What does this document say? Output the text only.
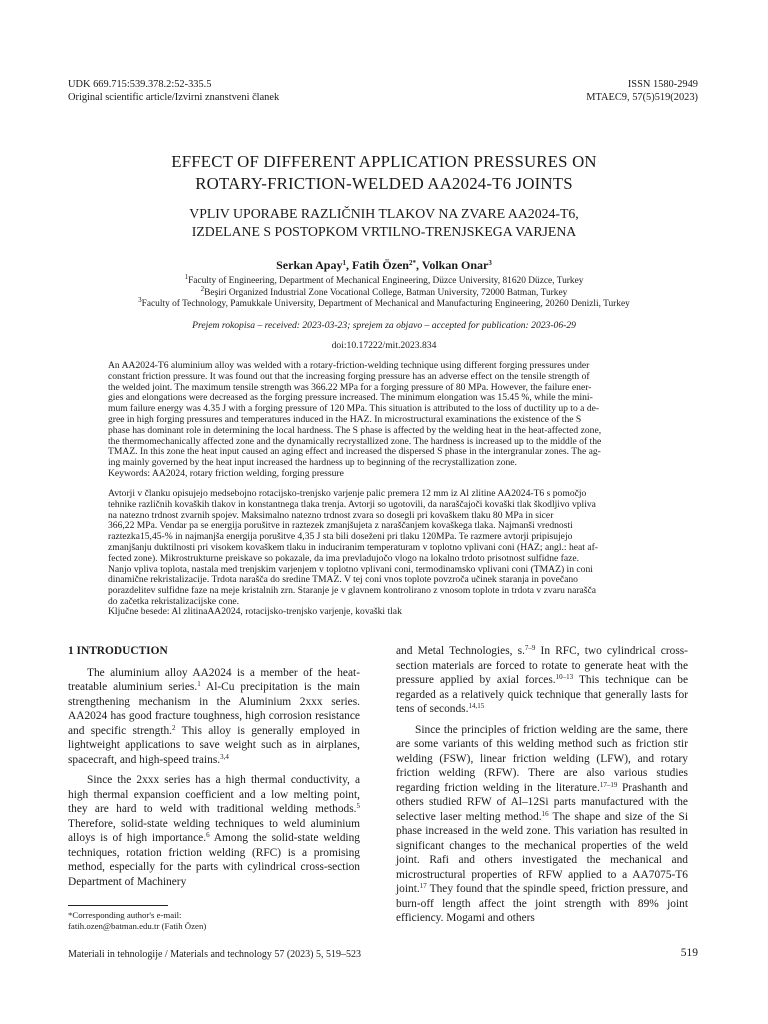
UDK 669.715:539.378.2:52-335.5
Original scientific article/Izvirni znanstveni članek
ISSN 1580-2949
MTAEC9, 57(5)519(2023)
EFFECT OF DIFFERENT APPLICATION PRESSURES ON
ROTARY-FRICTION-WELDED AA2024-T6 JOINTS
VPLIV UPORABE RAZLIČNIH TLAKOV NA ZVARE AA2024-T6,
IZDELANE S POSTOPKOM VRTILNO-TRENJSKEGA VARJENA
Serkan Apay$^1$, Fatih Özen$^{2*}$, Volkan Onar$^3$
$^1$Faculty of Engineering, Department of Mechanical Engineering, Düzce University, 81620 Düzce, Turkey
$^2$Beşiri Organized Industrial Zone Vocational College, Batman University, 72000 Batman, Turkey
$^3$Faculty of Technology, Pamukkale University, Department of Mechanical and Manufacturing Engineering, 20260 Denizli, Turkey
Prejem rokopisa – received: 2023-03-23; sprejem za objavo – accepted for publication: 2023-06-29
doi:10.17222/mit.2023.834
An AA2024-T6 aluminium alloy was welded with a rotary-friction-welding technique using different forging pressures under
constant friction pressure. It was found out that the increasing forging pressure has an adverse effect on the tensile strength of
the welded joint. The maximum tensile strength was 366.22 MPa for a forging pressure of 80 MPa. However, the failure ener-
gies and elongations were decreased as the forging pressure increased. The minimum elongation was 15.45 %, while the mini-
mum failure energy was 4.35 J with a forging pressure of 120 MPa. This situation is attributed to the loss of ductility up to a de-
gree in high forging pressures and temperatures induced in the HAZ. In microstructural examinations the existence of the S
phase has dominant role in determining the local hardness. The S phase is affected by the welding heat in the heat-affected zone,
the thermomechanically affected zone and the dynamically recrystallized zone. The hardness is increased up to the middle of the
TMAZ. In this zone the heat input caused an aging effect and increased the dispersed S phase in the intergranular zones. The ag-
ing mainly governed by the heat input increased the hardness up to beginning of the recrystallization zone.
Keywords: AA2024, rotary friction welding, forging pressure
Avtorji v članku opisujejo medsebojno rotacijsko-trenjsko varjenje palic premera 12 mm iz Al zlitine AA2024-T6 s pomočjo
tehnike različnih kovaških tlakov in konstantnega tlaka trenja. Avtorji so ugotovili, da naraščajoči kovaški tlak škodljivo vpliva
na natezno trdnost zvarnih spojev. Maksimalno natezno trdnost zvara so dosegli pri kovaškem tlaku 80 MPa in sicer
366,22 MPa. Vendar pa se energija porušitve in raztezek zmanjšujeta z naraščanjem kovaškega tlaka. Najmanši vrednosti
raztezka15,45-% in najmanjša energija porušitve 4,35 J sta bili doseženi pri tlaku 120MPa. Te razmere avtorji pripisujejo
zmanjšanju duktilnosti pri visokem kovaškem tlaku in induciranim temperaturam v toplotno vplivani coni (HAZ; angl.: heat af-
fected zone). Mikrostrukturne preiskave so pokazale, da ima prevladujočo vlogo na lokalno trdoto prisotnost sulfidne faze.
Nanjo vpliva toplota, nastala med trenjskim varjenjem v toplotno vplivani coni, termodinamsko vplivani coni (TMAZ) in coni
dinamične rekristalizacije. Trdota narašča do sredine TMAZ. V tej coni vnos toplote povzroča učinek staranja in povečano
porazdelitev sulfidne faze na meje kristalnih zrn. Staranje je v glavnem kontrolirano z vnosom toplote in trdota v zvaru narašča
do začetka rekristalizacijske cone.
Ključne besede: Al zlitinaAA2024, rotacijsko-trenjsko varjenje, kovaški tlak
1 INTRODUCTION

The aluminium alloy AA2024 is a member of the heat-treatable aluminium series.$^1$ Al-Cu precipitation is the main strengthening mechanism in the Aluminium 2xxx series. AA2024 has good fracture toughness, high corrosion resistance and specific strength.$^2$ This alloy is generally employed in lightweight applications to save weight such as in airplanes, spacecraft, and high-speed trains.$^{3,4}$

Since the 2xxx series has a high thermal conductivity, a high thermal expansion coefficient and a low melting point, they are hard to weld with traditional welding methods.$^5$ Therefore, solid-state welding techniques to weld aluminium alloys is of high importance.$^6$ Among the solid-state welding techniques, rotation friction welding (RFC) is a promising method, especially for the parts with cylindrical cross-section Department of Machinery

and Metal Technologies, s.$^{7-9}$ In RFC, two cylindrical cross-section materials are forced to rotate to generate heat with the pressure applied by axial forces.$^{10-13}$ This technique can be regarded as a relatively quick technique that generally lasts for tens of seconds.$^{14,15}$

Since the principles of friction welding are the same, there are some variants of this welding method such as friction stir welding (FSW), linear friction welding (LFW), and rotary friction welding (RFW). There are also various studies regarding friction welding in the literature.$^{17-19}$ Prashanth and others studied RFW of Al–12Si parts manufactured with the selective laser melting method.$^{16}$ The shape and size of the Si phase increased in the weld zone. This variation has resulted in significant changes to the mechanical properties of the weld joint. Rafi and others investigated the mechanical and microstructural properties of RFW applied to a AA7075-T6 joint.$^{17}$ They found that the spindle speed, friction pressure, and burn-off length affect the joint strength with 89% joint efficiency. Mogami and others

*Corresponding author's e-mail:
fatih.ozen@batman.edu.tr (Fatih Özen)
Materiali in tehnologije / Materials and technology 57 (2023) 5, 519–523	519
